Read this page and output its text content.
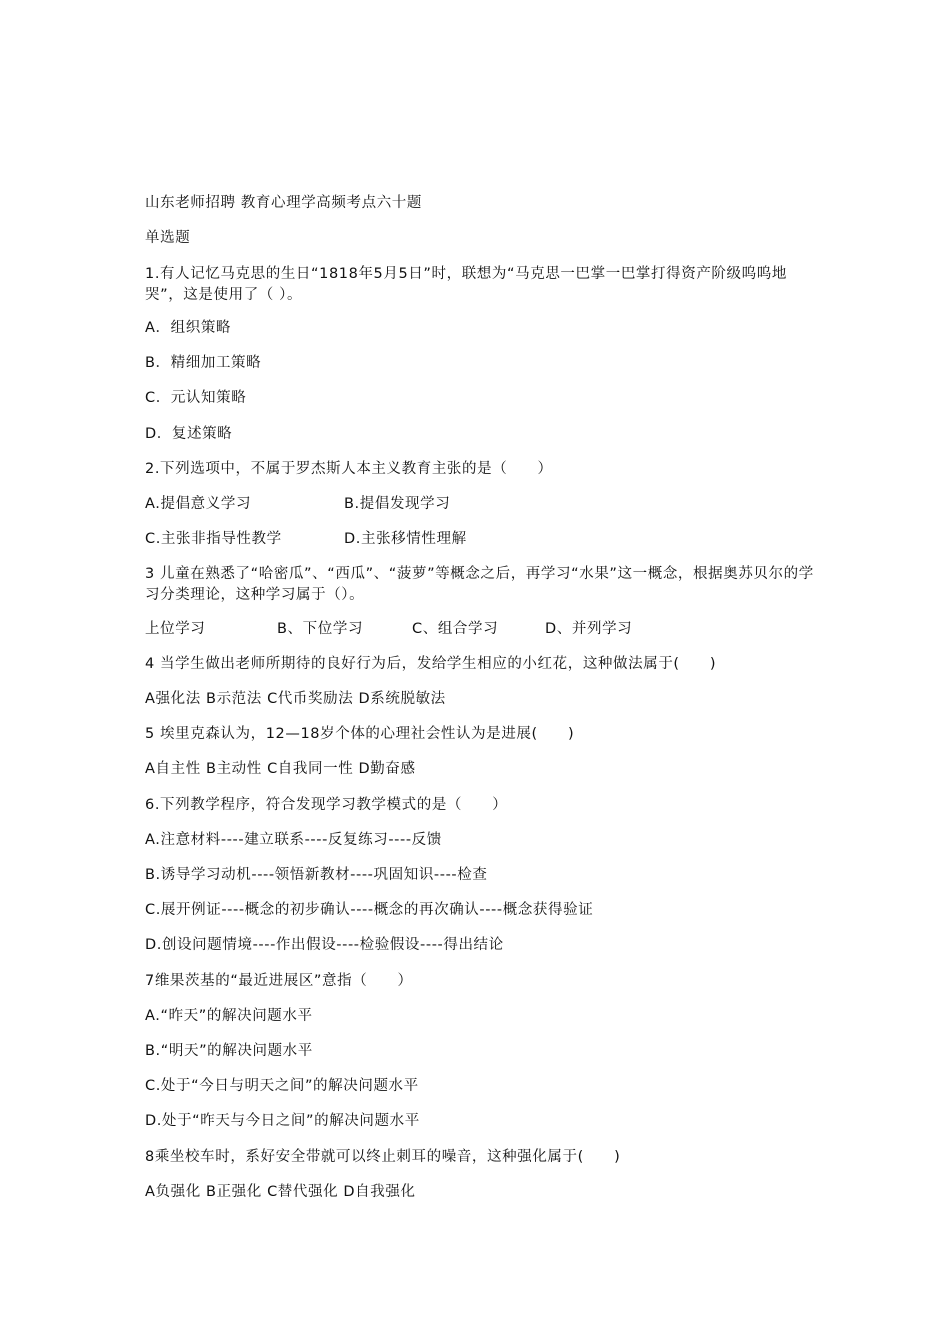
山东老师招聘 教育心理学高频考点六十题
单选题
1.有人记忆马克思的生日“1818年5月5日”时，联想为“马克思一巴掌一巴掌打得资产阶级呜呜地哭”，这是使用了（ ）。
A．组织策略
B．精细加工策略
C．元认知策略
D．复述策略
2.下列选项中，不属于罗杰斯人本主义教育主张的是（　　）
A.提倡意义学习	B.提倡发现学习
C.主张非指导性教学	D.主张移情性理解
3 儿童在熟悉了“哈密瓜”、“西瓜”、“菠萝”等概念之后，再学习“水果”这一概念，根据奥苏贝尔的学习分类理论，这种学习属于（）。
上位学习	B、下位学习	C、组合学习	D、并列学习
4 当学生做出老师所期待的良好行为后，发给学生相应的小红花，这种做法属于(　　)
A强化法 B示范法 C代币奖励法 D系统脱敏法
5 埃里克森认为，12—18岁个体的心理社会性认为是进展(　　)
A自主性 B主动性 C自我同一性 D勤奋感
6.下列教学程序，符合发现学习教学模式的是（　　）
A.注意材料----建立联系----反复练习----反馈
B.诱导学习动机----领悟新教材----巩固知识----检查
C.展开例证----概念的初步确认----概念的再次确认----概念获得验证
D.创设问题情境----作出假设----检验假设----得出结论
7维果茨基的“最近进展区”意指（　　）
A.“昨天”的解决问题水平
B.“明天”的解决问题水平
C.处于“今日与明天之间”的解决问题水平
D.处于“昨天与今日之间”的解决问题水平
8乘坐校车时，系好安全带就可以终止刺耳的噪音，这种强化属于(　　)
A负强化 B正强化 C替代强化 D自我强化
